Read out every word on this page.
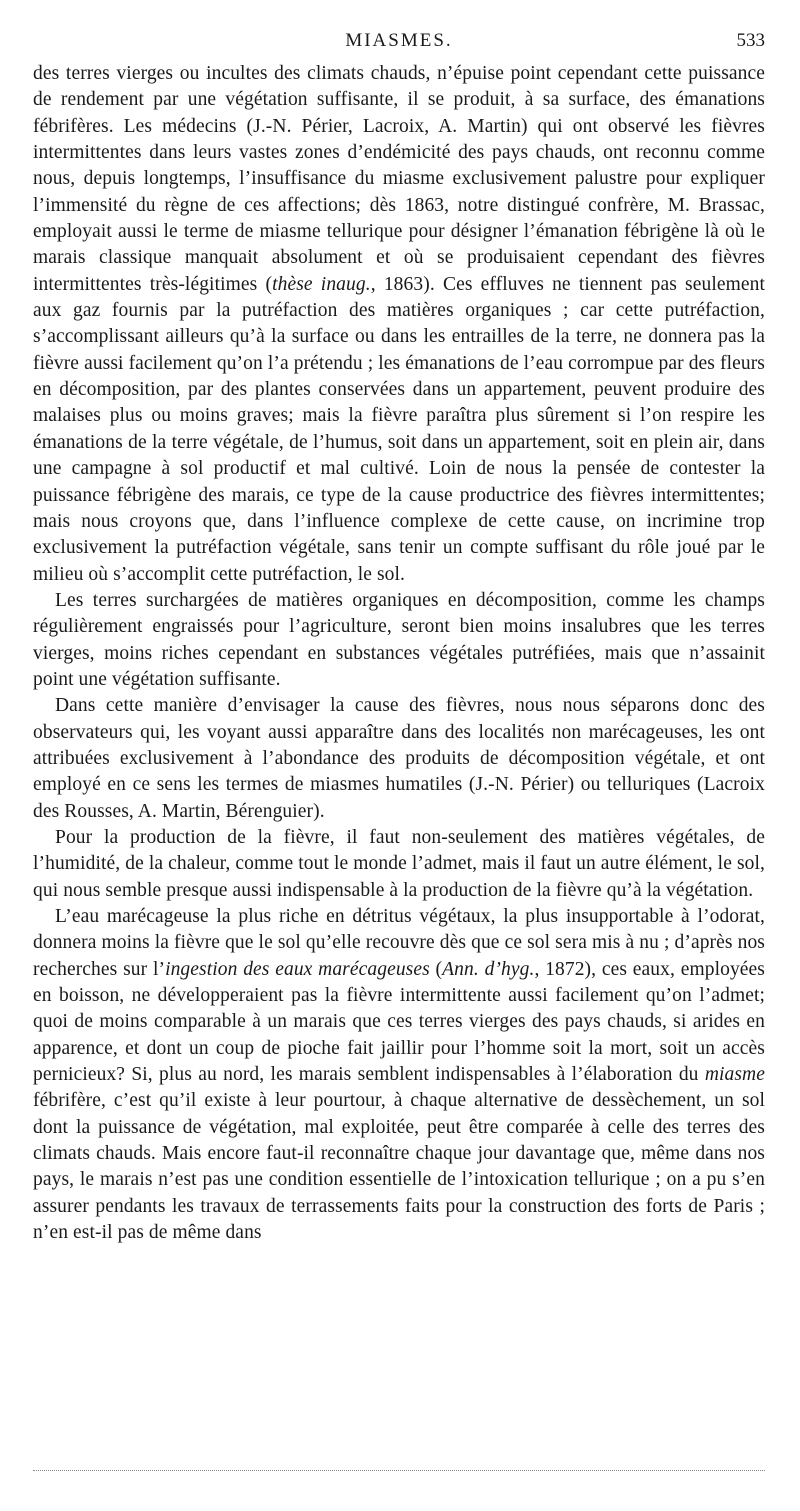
MIASMES.	533

des terres vierges ou incultes des climats chauds, n’épuise point cependant cette puissance de rendement par une végétation suffisante, il se produit, à sa surface, des émanations fébrifères. Les médecins (J.-N. Périer, Lacroix, A. Martin) qui ont observé les fièvres intermittentes dans leurs vastes zones d’endémicité des pays chauds, ont reconnu comme nous, depuis longtemps, l’insuffisance du miasme exclusivement palustre pour expliquer l’immensité du règne de ces affections; dès 1863, notre distingué confrère, M. Brassac, employait aussi le terme de miasme tellurique pour désigner l’émanation fébrigène là où le marais classique manquait absolument et où se produisaient cependant des fièvres intermittentes très-légitimes (thèse inaug., 1863). Ces effluves ne tiennent pas seulement aux gaz fournis par la putréfaction des matières organiques ; car cette putréfaction, s’accomplissant ailleurs qu’à la surface ou dans les entrailles de la terre, ne donnera pas la fièvre aussi facilement qu’on l’a prétendu ; les émanations de l’eau corrompue par des fleurs en décomposition, par des plantes conservées dans un appartement, peuvent produire des malaises plus ou moins graves; mais la fièvre paraîtra plus sûrement si l’on respire les émanations de la terre végétale, de l’humus, soit dans un appartement, soit en plein air, dans une campagne à sol productif et mal cultivé. Loin de nous la pensée de contester la puissance fébrigène des marais, ce type de la cause productrice des fièvres intermittentes; mais nous croyons que, dans l’influence complexe de cette cause, on incrimine trop exclusivement la putréfaction végétale, sans tenir un compte suffisant du rôle joué par le milieu où s’accomplit cette putréfaction, le sol.

Les terres surchargées de matières organiques en décomposition, comme les champs régulièrement engraissés pour l’agriculture, seront bien moins insalubres que les terres vierges, moins riches cependant en substances végétales putréfiées, mais que n’assainit point une végétation suffisante.

Dans cette manière d’envisager la cause des fièvres, nous nous séparons donc des observateurs qui, les voyant aussi apparaître dans des localités non marécageuses, les ont attribuées exclusivement à l’abondance des produits de décomposition végétale, et ont employé en ce sens les termes de miasmes humatiles (J.-N. Périer) ou telluriques (Lacroix des Rousses, A. Martin, Bérenguier).

Pour la production de la fièvre, il faut non-seulement des matières végétales, de l’humidité, de la chaleur, comme tout le monde l’admet, mais il faut un autre élément, le sol, qui nous semble presque aussi indispensable à la production de la fièvre qu’à la végétation.

L’eau marécageuse la plus riche en détritus végétaux, la plus insupportable à l’odorat, donnera moins la fièvre que le sol qu’elle recouvre dès que ce sol sera mis à nu ; d’après nos recherches sur l’ingestion des eaux marécageuses (Ann. d’hyg., 1872), ces eaux, employées en boisson, ne développeraient pas la fièvre intermittente aussi facilement qu’on l’admet; quoi de moins comparable à un marais que ces terres vierges des pays chauds, si arides en apparence, et dont un coup de pioche fait jaillir pour l’homme soit la mort, soit un accès pernicieux? Si, plus au nord, les marais semblent indispensables à l’élaboration du miasme fébrifère, c’est qu’il existe à leur pourtour, à chaque alternative de dessèchement, un sol dont la puissance de végétation, mal exploitée, peut être comparée à celle des terres des climats chauds. Mais encore faut-il reconnaître chaque jour davantage que, même dans nos pays, le marais n’est pas une condition essentielle de l’intoxication tellurique ; on a pu s’en assurer pendants les travaux de terrassements faits pour la construction des forts de Paris ; n’en est-il pas de même dans
